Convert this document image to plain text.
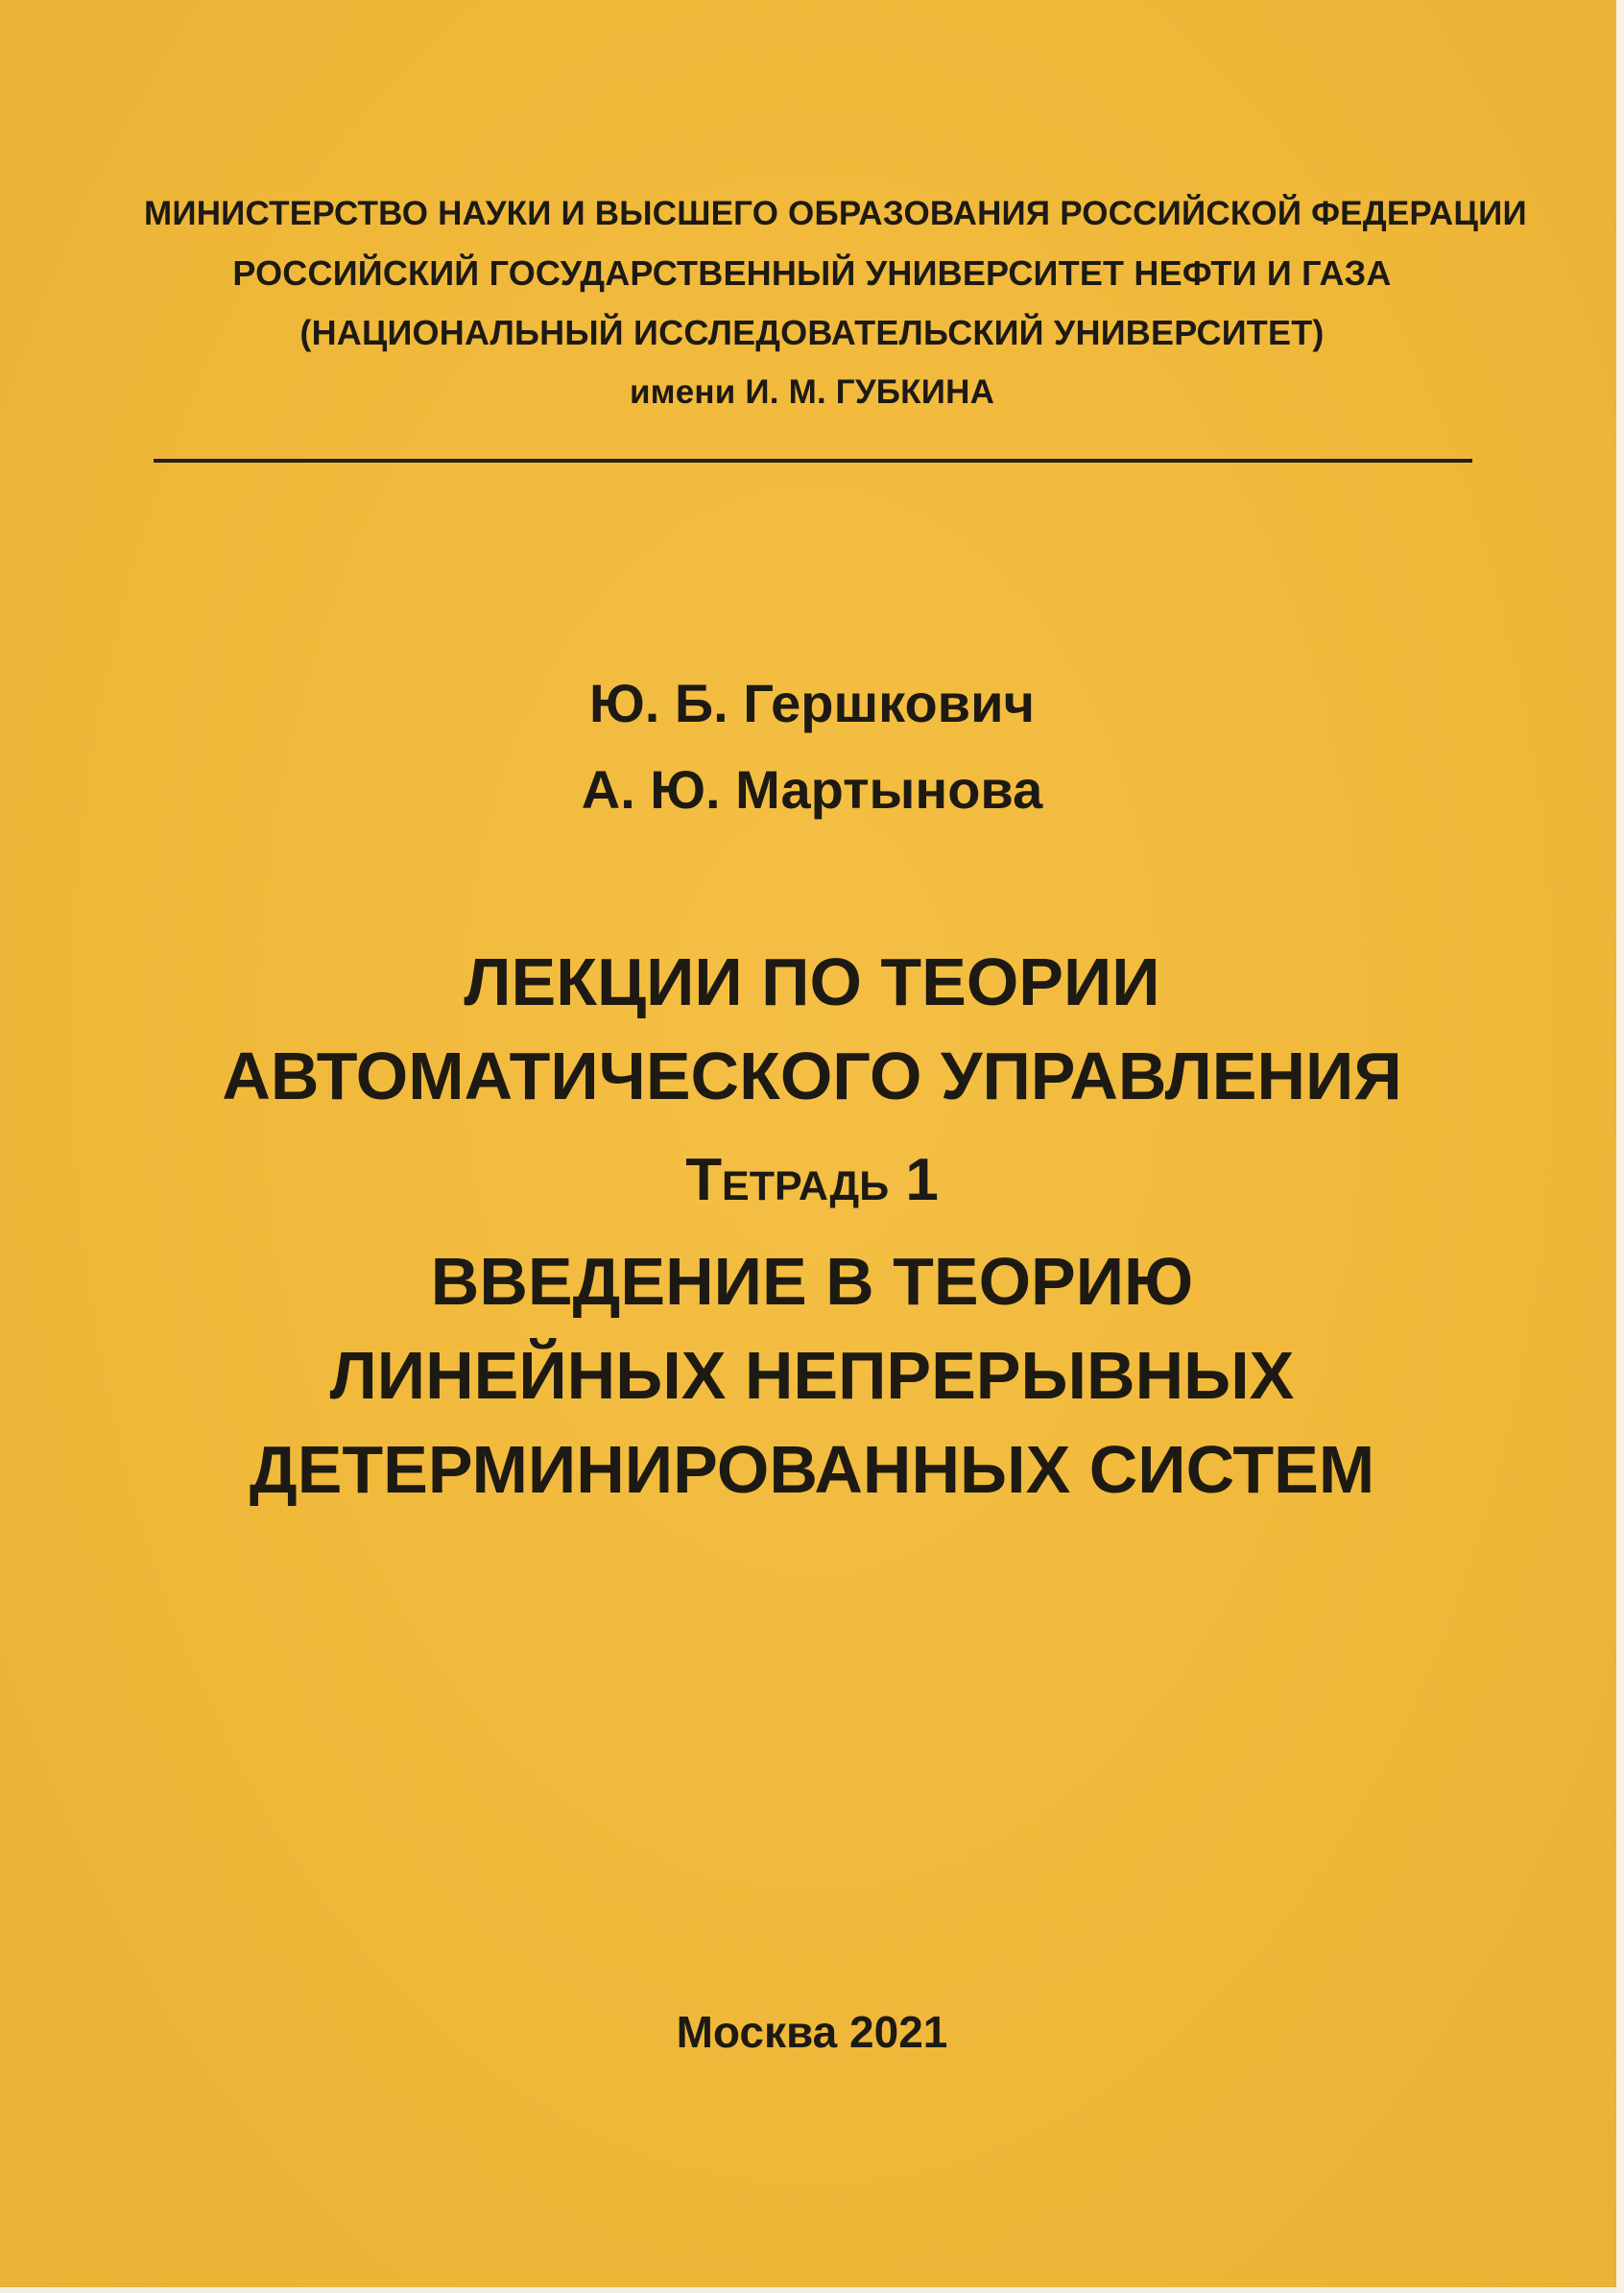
МИНИСТЕРСТВО НАУКИ И ВЫСШЕГО ОБРАЗОВАНИЯ РОССИЙСКОЙ ФЕДЕРАЦИИ
РОССИЙСКИЙ ГОСУДАРСТВЕННЫЙ УНИВЕРСИТЕТ НЕФТИ И ГАЗА
(НАЦИОНАЛЬНЫЙ ИССЛЕДОВАТЕЛЬСКИЙ УНИВЕРСИТЕТ)
имени И. М. ГУБКИНА
Ю. Б. Гершкович
А. Ю. Мартынова
ЛЕКЦИИ ПО ТЕОРИИ
АВТОМАТИЧЕСКОГО УПРАВЛЕНИЯ
Тетрадь 1
ВВЕДЕНИЕ В ТЕОРИЮ
ЛИНЕЙНЫХ НЕПРЕРЫВНЫХ
ДЕТЕРМИНИРОВАННЫХ СИСТЕМ
Москва 2021
